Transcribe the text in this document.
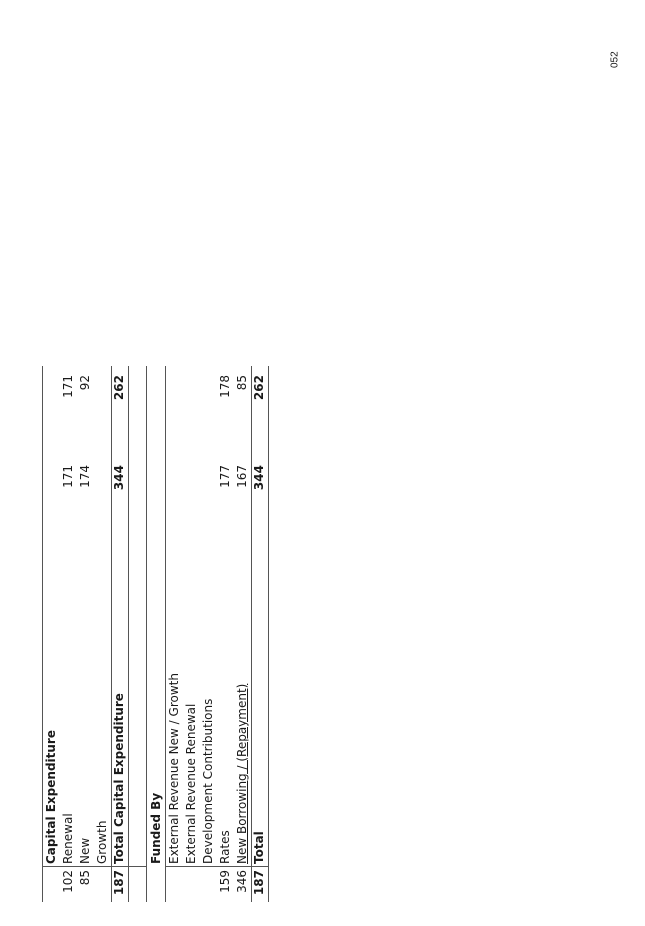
052
Capital Expenditure
102
Renewal
171
171
85
New
174
92
Growth
187
Total Capital Expenditure
344
262
Funded By External Revenue New / Growth External Revenue Renewal Development Contributions
159
Rates
177
178
346
New Borrowing / (Repayment)
167
85
187
Total
344
262
